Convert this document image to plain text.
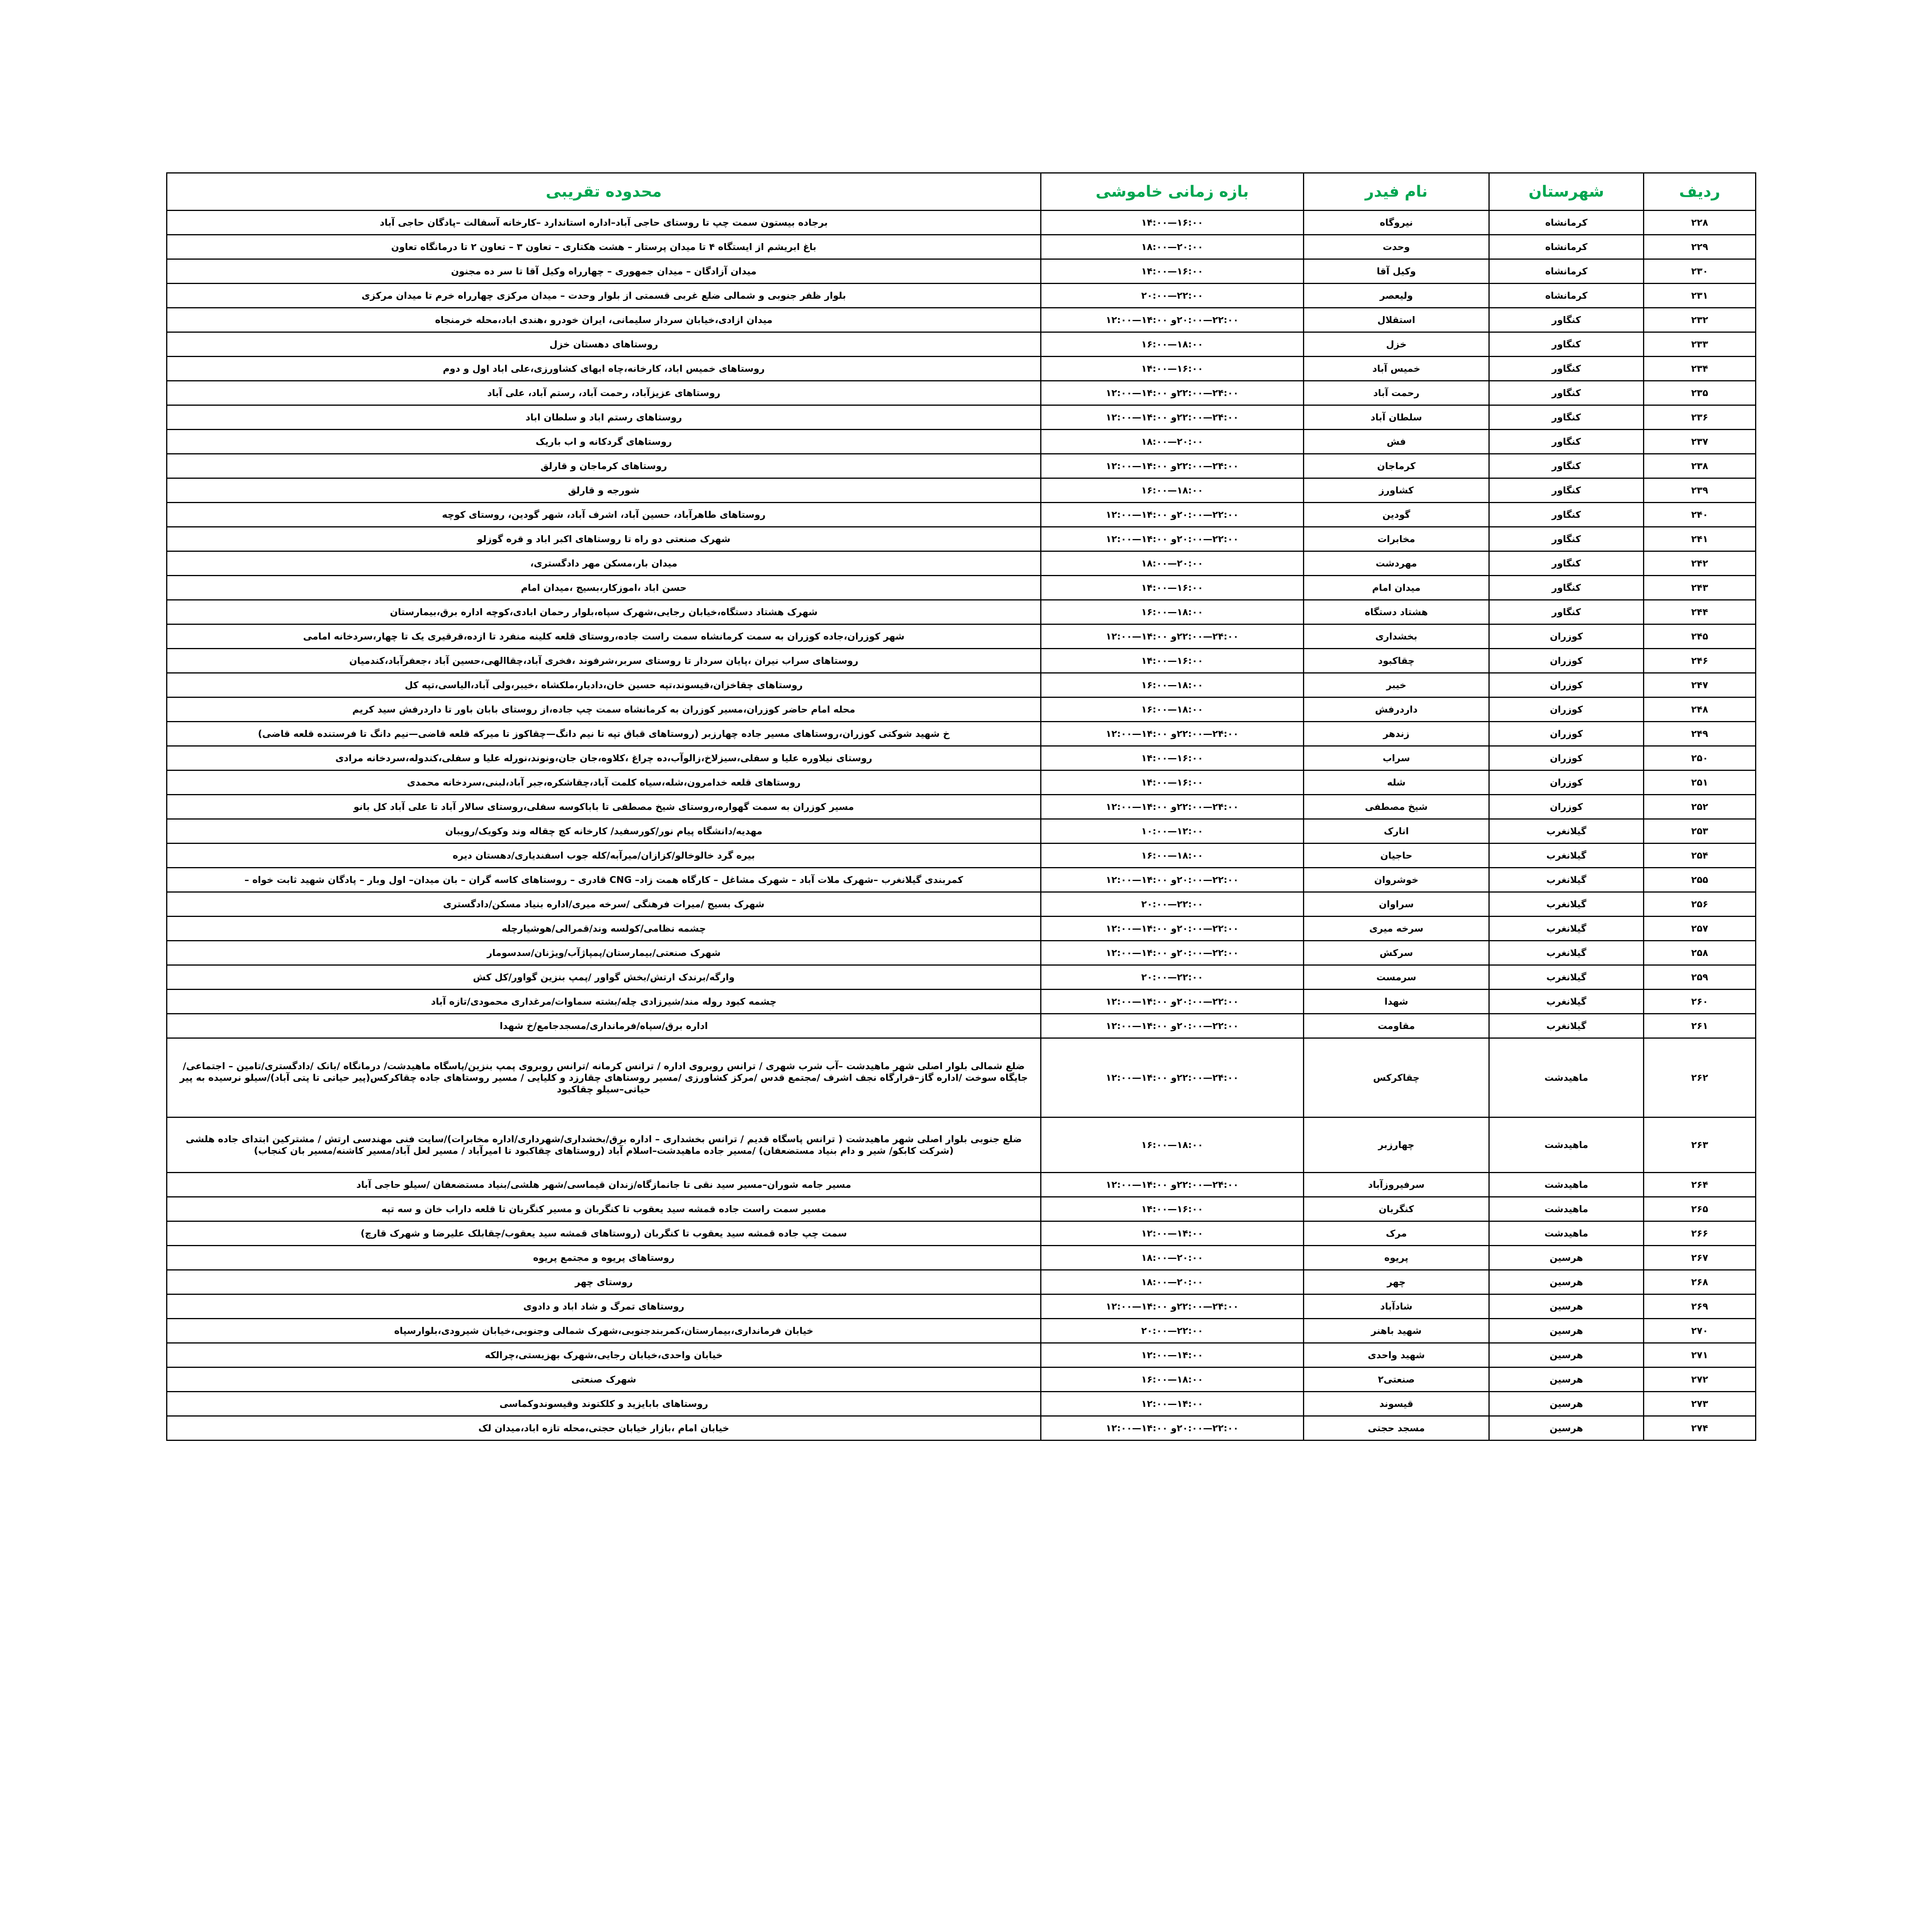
ردیف	شهرستان	نام فیدر	بازه زمانی خاموشی	محدوده تقریبی
۲۲۸	کرمانشاه	نیروگاه	۱۶:۰۰—۱۴:۰۰	برجاده بیستون سمت چپ تا روستای حاجی آباد–اداره استاندارد –کارخانه آسفالت –پادگان حاجی آباد
۲۲۹	کرمانشاه	وحدت	۲۰:۰۰—۱۸:۰۰	باغ ابریشم از ایستگاه ۴ تا میدان پرستار – هشت هکتاری – تعاون ۳ – تعاون ۲ تا درمانگاه تعاون
۲۳۰	کرمانشاه	وکیل آقا	۱۶:۰۰—۱۴:۰۰	میدان آزادگان – میدان جمهوری – چهارراه وکیل آقا تا سر ده مجنون
۲۳۱	کرمانشاه	ولیعصر	۲۲:۰۰—۲۰:۰۰	بلوار ظفر جنوبی و شمالی ضلع غربی قسمتی از بلوار وحدت – میدان مرکزی چهارراه خرم تا میدان مرکزی
۲۳۲	کنگاور	استقلال	۲۲:۰۰—۲۰:۰۰و ۱۴:۰۰—۱۲:۰۰	میدان ازادی،خیابان سردار سلیمانی، ایران خودرو ،هندی اباد،محله خرمنجاه
۲۳۳	کنگاور	خزل	۱۸:۰۰—۱۶:۰۰	روستاهای دهستان خزل
۲۳۴	کنگاور	خمیس آباد	۱۶:۰۰—۱۴:۰۰	روستاهای خمیس اباد، کارخانه،چاه ابهای کشاورزی،علی اباد اول و دوم
۲۳۵	کنگاور	رحمت آباد	۲۴:۰۰—۲۲:۰۰و ۱۴:۰۰—۱۲:۰۰	روستاهای عزیزآباد، رحمت آباد، رستم آباد، علی آباد
۲۳۶	کنگاور	سلطان آباد	۲۴:۰۰—۲۲:۰۰و ۱۴:۰۰—۱۲:۰۰	روستاهای رستم اباد و سلطان اباد
۲۳۷	کنگاور	فش	۲۰:۰۰—۱۸:۰۰	روستاهای گردکانه و اب باریک
۲۳۸	کنگاور	کرماجان	۲۴:۰۰—۲۲:۰۰و ۱۴:۰۰—۱۲:۰۰	روستاهای کرماجان و قارلق
۲۳۹	کنگاور	کشاورز	۱۸:۰۰—۱۶:۰۰	شورجه و قارلق
۲۴۰	کنگاور	گودین	۲۲:۰۰—۲۰:۰۰و ۱۴:۰۰—۱۲:۰۰	روستاهای طاهرآباد، حسین آباد، اشرف آباد، شهر گودین، روستای کوچه
۲۴۱	کنگاور	مخابرات	۲۲:۰۰—۲۰:۰۰و ۱۴:۰۰—۱۲:۰۰	شهرک صنعتی دو راه تا روستاهای اکبر اباد و قره گوزلو
۲۴۲	کنگاور	مهردشت	۲۰:۰۰—۱۸:۰۰	میدان بار،مسکن مهر دادگستری،
۲۴۳	کنگاور	میدان امام	۱۶:۰۰—۱۴:۰۰	حسن اباد ،اموزکار،بسیج ،میدان امام
۲۴۴	کنگاور	هشتاد دستگاه	۱۸:۰۰—۱۶:۰۰	شهرک هشتاد دستگاه،خیابان رجایی،شهرک سپاه،بلوار رحمان ابادی،کوچه اداره برق،بیمارستان
۲۴۵	کوزران	بخشداری	۲۴:۰۰—۲۲:۰۰و ۱۴:۰۰—۱۲:۰۰	شهر کوزران،جاده کوزران به سمت کرمانشاه سمت راست جاده،روستای قلعه کلینه منفرد تا ازده،قرقیری یک تا چهار،سردخانه امامی
۲۴۶	کوزران	چقاکبود	۱۶:۰۰—۱۴:۰۰	روستاهای سراب نیران ،پایان سردار تا روستای سربر،شرفوند ،فخری آباد،چقاالهی،حسین آباد ،جعفرآباد،کندمیان
۲۴۷	کوزران	خیبر	۱۸:۰۰—۱۶:۰۰	روستاهای چقاخزان،قیسوند،تپه حسین خان،دادیار،ملکشاه ،خیبر،ولی آباد،الیاسی،تپه کل
۲۴۸	کوزران	داردرفش	۱۸:۰۰—۱۶:۰۰	محله امام حاضر کوزران،مسیر کوزران به کرمانشاه سمت چپ جاده،از روستای بابان باور تا داردرفش سید کریم
۲۴۹	کوزران	زندهر	۲۴:۰۰—۲۲:۰۰و ۱۴:۰۰—۱۲:۰۰	خ شهید شوکتی کوزران،روستاهای مسیر جاده چهارزبر (روستاهای قباق تپه تا نیم دانگ—چقاکوز تا میرکه قلعه قاضی—نیم دانگ تا فرستنده قلعه قاضی)
۲۵۰	کوزران	سراب	۱۶:۰۰—۱۴:۰۰	روستای نیلاوره علیا و سفلی،سیزلاخ،زالوآب،ده چراغ ،کلاوه،جان جان،ونوند،نورله علیا و سفلی،کندوله،سردخانه مرادی
۲۵۱	کوزران	شله	۱۶:۰۰—۱۴:۰۰	روستاهای قلعه خدامرون،شله،سیاه کلمت آباد،چقاشکره،جبر آباد،لبنی،سردخانه محمدی
۲۵۲	کوزران	شیخ مصطفی	۲۴:۰۰—۲۲:۰۰و ۱۴:۰۰—۱۲:۰۰	مسیر کوزران به سمت گهواره،روستای شیخ مصطفی تا باباکوسه سفلی،روستای سالار آباد تا علی آباد کل بانو
۲۵۳	گیلانغرب	انارک	۱۲:۰۰—۱۰:۰۰	مهدیه/دانشگاه پیام نور/کورسفید/ کارخانه کچ چقاله وند وکویک/رویبان
۲۵۴	گیلانغرب	حاجیان	۱۸:۰۰—۱۶:۰۰	بیره گرد خالوخالو/کزازان/میرآبه/کله جوب اسفندیاری/دهستان دیره
۲۵۵	گیلانغرب	خوشروان	۲۲:۰۰—۲۰:۰۰و ۱۴:۰۰—۱۲:۰۰	کمربندی گیلانغرب –شهرک ملات آباد – شهرک مشاغل – کارگاه همت زاد– CNG قادری – روستاهای کاسه گران – بان میدان– اول وبار – پادگان شهید ثابت خواه –
۲۵۶	گیلانغرب	سراوان	۲۲:۰۰—۲۰:۰۰	شهرک بسیج /میرات فرهنگی /سرخه میری/اداره بنیاد مسکن/دادگستری
۲۵۷	گیلانغرب	سرخه میری	۲۲:۰۰—۲۰:۰۰و ۱۴:۰۰—۱۲:۰۰	چشمه نظامی/کولسه وند/قمرالی/هوشیارچله
۲۵۸	گیلانغرب	سرکش	۲۲:۰۰—۲۰:۰۰و ۱۴:۰۰—۱۲:۰۰	شهرک صنعتی/بیمارستان/پمپاژآب/ویژنان/سدسومار
۲۵۹	گیلانغرب	سرمست	۲۲:۰۰—۲۰:۰۰	وارگه/برندک ارتش/بخش گواور /پمپ بنزین گواور/کل کش
۲۶۰	گیلانغرب	شهدا	۲۲:۰۰—۲۰:۰۰و ۱۴:۰۰—۱۲:۰۰	چشمه کبود روله مند/شیرزادی چله/بشته سماوات/مرغداری محمودی/تازه آباد
۲۶۱	گیلانغرب	مقاومت	۲۲:۰۰—۲۰:۰۰و ۱۴:۰۰—۱۲:۰۰	اداره برق/سپاه/فرمانداری/مسجدجامع/خ شهدا
۲۶۲	ماهیدشت	چقاکرکس	۲۴:۰۰—۲۲:۰۰و ۱۴:۰۰—۱۲:۰۰	ضلع شمالی بلوار اصلی شهر ماهیدشت –آب شرب شهری / ترانس روبروی اداره / ترانس کرمانه /ترانس روبروی پمپ بنزین/پاسگاه ماهیدشت/ درمانگاه /بانک /دادگستری/تامین – اجتماعی/جایگاه سوخت /اداره گاز–قرارگاه نجف اشرف /مجتمع قدس /مرکز کشاورزی /مسیر روستاهای چقارزد و کلیایی / مسیر روستاهای جاده چقاکرکس(پیر حیاتی تا پتی آباد)/سیلو نرسیده به پیر حیاتی–سیلو چقاکبود
۲۶۳	ماهیدشت	چهارزبر	۱۸:۰۰—۱۶:۰۰	ضلع جنوبی بلوار اصلی شهر ماهیدشت ( ترانس پاسگاه قدیم / ترانس بخشداری – اداره برق/بخشداری/شهرداری/اداره مخابرات)/سایت فنی مهندسی ارتش / مشترکین ابتدای جاده هلشی (شرکت کابکو/ شیر و دام بنیاد مستضعفان) /مسیر جاده ماهیدشت–اسلام آباد (روستاهای چقاکبود تا امیرآباد / مسیر لعل آباد/مسیر کاشنه/مسیر بان کنجاب)
۲۶۴	ماهیدشت	سرفیروزآباد	۲۴:۰۰—۲۲:۰۰و ۱۴:۰۰—۱۲:۰۰	مسیر جامه شوران–مسیر سید نقی تا جانمازگاه/زندان قیماسی/شهر هلشی/بنیاد مستضعفان /سیلو حاجی آباد
۲۶۵	ماهیدشت	کنگربان	۱۶:۰۰—۱۴:۰۰	مسیر سمت راست جاده قمشه سید یعقوب تا کنگربان و مسیر کنگربان تا قلعه داراب خان و سه تپه
۲۶۶	ماهیدشت	مرک	۱۴:۰۰—۱۲:۰۰	سمت چپ جاده قمشه سید یعقوب تا کنگربان (روستاهای قمشه سید یعقوب/چقابلک علیرضا و شهرک قارچ)
۲۶۷	هرسین	پریوه	۲۰:۰۰—۱۸:۰۰	روستاهای پریوه و مجتمع پریوه
۲۶۸	هرسین	چهر	۲۰:۰۰—۱۸:۰۰	روستای چهر
۲۶۹	هرسین	شادآباد	۲۴:۰۰—۲۲:۰۰و ۱۴:۰۰—۱۲:۰۰	روستاهای تمرگ و شاد اباد و دادوی
۲۷۰	هرسین	شهید باهنر	۲۲:۰۰—۲۰:۰۰	خیابان فرمانداری،بیمارستان،کمربندجنوبی،شهرک شمالی وجنوبی،خیابان شیرودی،بلوارسپاه
۲۷۱	هرسین	شهید واحدی	۱۴:۰۰—۱۲:۰۰	خیابان واحدی،خیابان رجایی،شهرک بهزیستی،چرالکه
۲۷۲	هرسین	صنعتی۲	۱۸:۰۰—۱۶:۰۰	شهرک صنعتی
۲۷۳	هرسین	قیسوند	۱۴:۰۰—۱۲:۰۰	روستاهای بابایزید و کلکتوند وقیسوندوکماسی
۲۷۴	هرسین	مسجد حجتی	۲۲:۰۰—۲۰:۰۰و ۱۴:۰۰—۱۲:۰۰	خیابان امام ،بازار خیابان حجتی،محله تازه اباد،میدان لک
